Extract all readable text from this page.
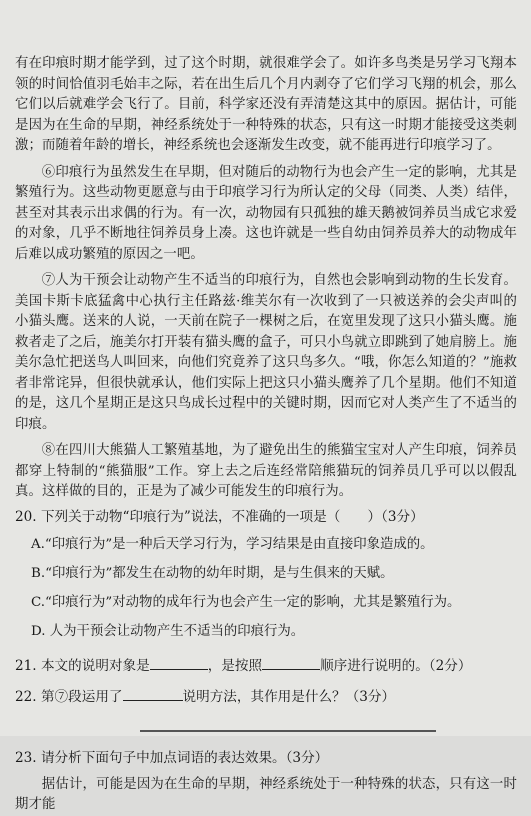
有在印痕时期才能学到，过了这个时期，就很难学会了。如许多鸟类是另学习飞翔本领的时间恰值羽毛始丰之际，若在出生后几个月内剥夺了它们学习飞翔的机会，那么它们以后就难学会飞行了。目前，科学家还没有弄清楚这其中的原因。据估计，可能是因为在生命的早期，神经系统处于一种特殊的状态，只有这一时期才能接受这类刺激；而随着年龄的增长，神经系统也会逐渐发生改变，就不能再进行印痕学习了。

⑥印痕行为虽然发生在早期，但对随后的动物行为也会产生一定的影响，尤其是繁殖行为。这些动物更愿意与由于印痕学习行为所认定的父母（同类、人类）结伴，甚至对其表示出求偶的行为。有一次，动物园有只孤独的雄天鹅被饲养员当成它求爱的对象，几乎不断地往饲养员身上凑。这也许就是一些自幼由饲养员养大的动物成年后难以成功繁殖的原因之一吧。

⑦人为干预会让动物产生不适当的印痕行为，自然也会影响到动物的生长发育。美国卡斯卡底猛禽中心执行主任路兹·维芙尔有一次收到了一只被送养的会尖声叫的小猫头鹰。送来的人说，一天前在院子一棵树之后，在宽里发现了这只小猫头鹰。施救者走了之后，施美尔打开装有猫头鹰的盒子，可只小鸟就立即跳到了她肩膀上。施美尔急忙把送鸟人叫回来，向他们究竟养了这只鸟多久。“哦，你怎么知道的？”施救者非常诧异，但很快就承认，他们实际上把这只小猫头鹰养了几个星期。他们不知道的是，这几个星期正是这只鸟成长过程中的关键时期，因而它对人类产生了不适当的印痕。

⑧在四川大熊猫人工繁殖基地，为了避免出生的熊猫宝宝对人产生印痕，饲养员都穿上特制的“熊猫服”工作。穿上去之后连经常陪熊猫玩的饲养员几乎可以以假乱真。这样做的目的，正是为了减少可能发生的印痕行为。

20. 下列关于动物“印痕行为”说法，不准确的一项是（　　）（3分）

A.“印痕行为”是一种后天学习行为，学习结果是由直接印象造成的。

B.“印痕行为”都发生在动物的幼年时期，是与生俱来的天赋。

C.“印痕行为”对动物的成年行为也会产生一定的影响，尤其是繁殖行为。

D. 人为干预会让动物产生不适当的印痕行为。

21. 本文的说明对象是	，是按照	顺序进行说明的。（2分）

22. 第⑦段运用了	说明方法，其作用是什么？（3分）

23. 请分析下面句子中加点词语的表达效果。（3分）

据估计，可能是因为在生命的早期，神经系统处于一种特殊的状态，只有这一时期才能
